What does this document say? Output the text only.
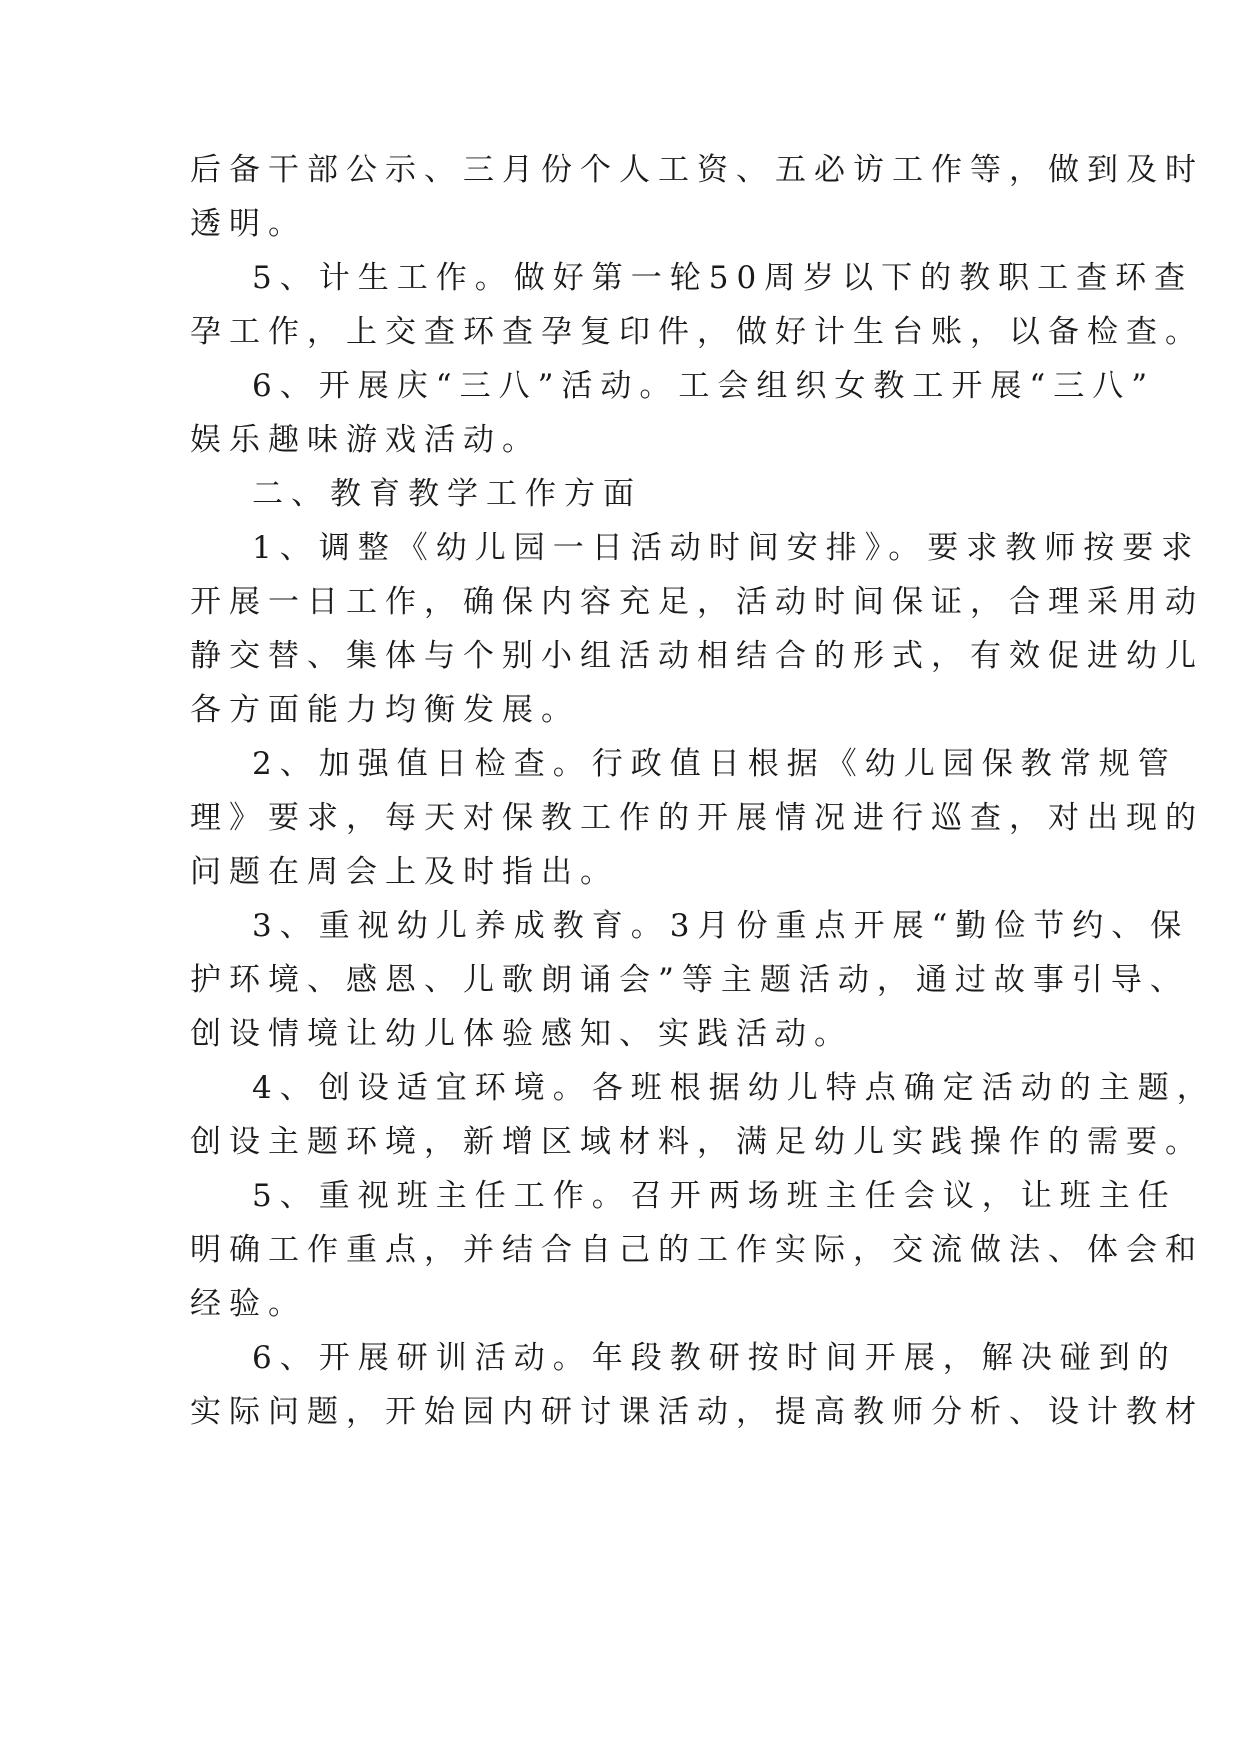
后备干部公示、三月份个人工资、五必访工作等，做到及时
透明。
5、计生工作。做好第一轮50周岁以下的教职工查环查
孕工作，上交查环查孕复印件，做好计生台账，以备检查。
6、开展庆“三八”活动。工会组织女教工开展“三八”
娱乐趣味游戏活动。
二、教育教学工作方面
1、调整《幼儿园一日活动时间安排》。要求教师按要求
开展一日工作，确保内容充足，活动时间保证，合理采用动
静交替、集体与个别小组活动相结合的形式，有效促进幼儿
各方面能力均衡发展。
2、加强值日检查。行政值日根据《幼儿园保教常规管
理》要求，每天对保教工作的开展情况进行巡查，对出现的
问题在周会上及时指出。
3、重视幼儿养成教育。3月份重点开展“勤俭节约、保
护环境、感恩、儿歌朗诵会”等主题活动，通过故事引导、
创设情境让幼儿体验感知、实践活动。
4、创设适宜环境。各班根据幼儿特点确定活动的主题，
创设主题环境，新增区域材料，满足幼儿实践操作的需要。
5、重视班主任工作。召开两场班主任会议，让班主任
明确工作重点，并结合自己的工作实际，交流做法、体会和
经验。
6、开展研训活动。年段教研按时间开展，解决碰到的
实际问题，开始园内研讨课活动，提高教师分析、设计教材
